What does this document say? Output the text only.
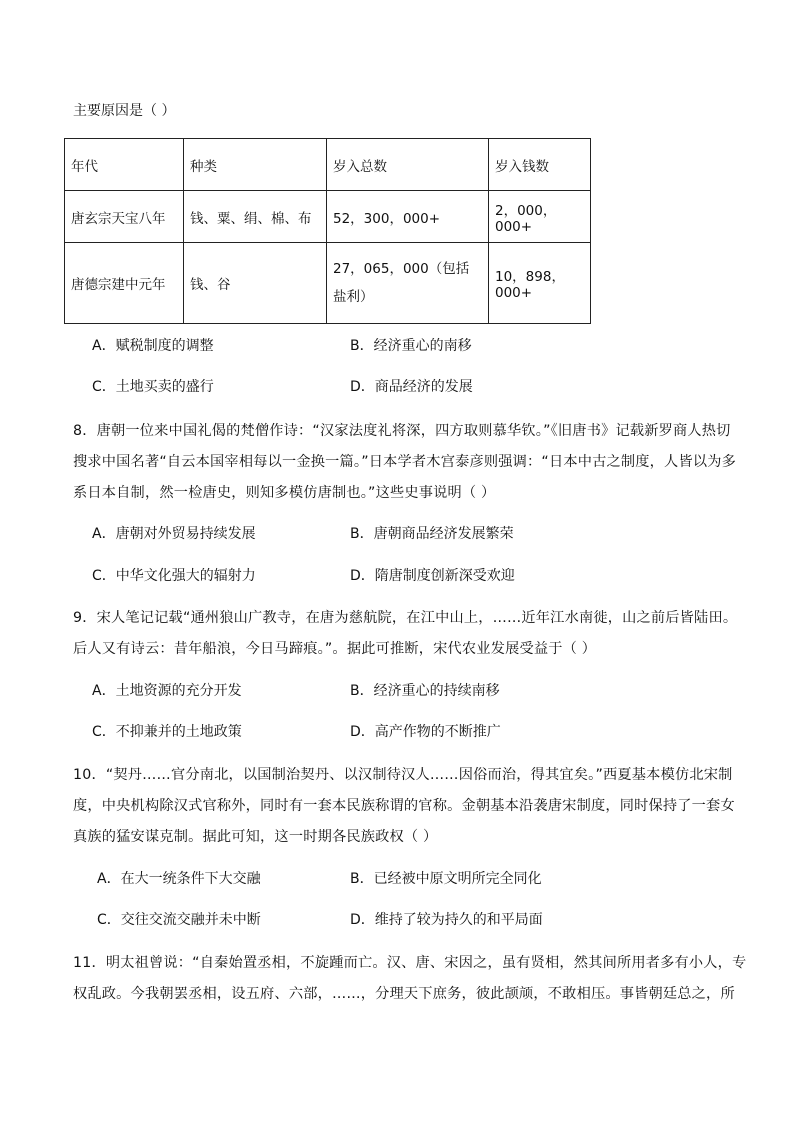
主要原因是（ ）
年代	种类	岁入总数	岁入钱数
唐玄宗天宝八年	钱、粟、绢、棉、布	52，300，000+	2，000，000+
唐德宗建中元年	钱、谷	27，065，000（包括盐利）	10，898，000+
A．赋税制度的调整	B．经济重心的南移
C．土地买卖的盛行	D．商品经济的发展
8．唐朝一位来中国礼偈的梵僧作诗：“汉家法度礼将深，四方取则慕华钦。”《旧唐书》记载新罗商人热切
搜求中国名著“自云本国宰相每以一金换一篇。”日本学者木宫泰彦则强调：“日本中古之制度，人皆以为多
系日本自制，然一检唐史，则知多模仿唐制也。”这些史事说明（ ）
A．唐朝对外贸易持续发展	B．唐朝商品经济发展繁荣
C．中华文化强大的辐射力	D．隋唐制度创新深受欢迎
9．宋人笔记记载“通州狼山广教寺，在唐为慈航院，在江中山上，……近年江水南徙，山之前后皆陆田。
后人又有诗云：昔年船浪，今日马蹄痕。”。据此可推断，宋代农业发展受益于（ ）
A．土地资源的充分开发	B．经济重心的持续南移
C．不抑兼并的土地政策	D．高产作物的不断推广
10．“契丹……官分南北，以国制治契丹、以汉制待汉人……因俗而治，得其宜矣。”西夏基本模仿北宋制
度，中央机构除汉式官称外，同时有一套本民族称谓的官称。金朝基本沿袭唐宋制度，同时保持了一套女
真族的猛安谋克制。据此可知，这一时期各民族政权（ ）
A．在大一统条件下大交融	B．已经被中原文明所完全同化
C．交往交流交融并未中断	D．维持了较为持久的和平局面
11．明太祖曾说：“自秦始置丞相，不旋踵而亡。汉、唐、宋因之，虽有贤相，然其间所用者多有小人，专
权乱政。今我朝罢丞相，设五府、六部，……，分理天下庶务，彼此颉颃，不敢相压。事皆朝廷总之，所
